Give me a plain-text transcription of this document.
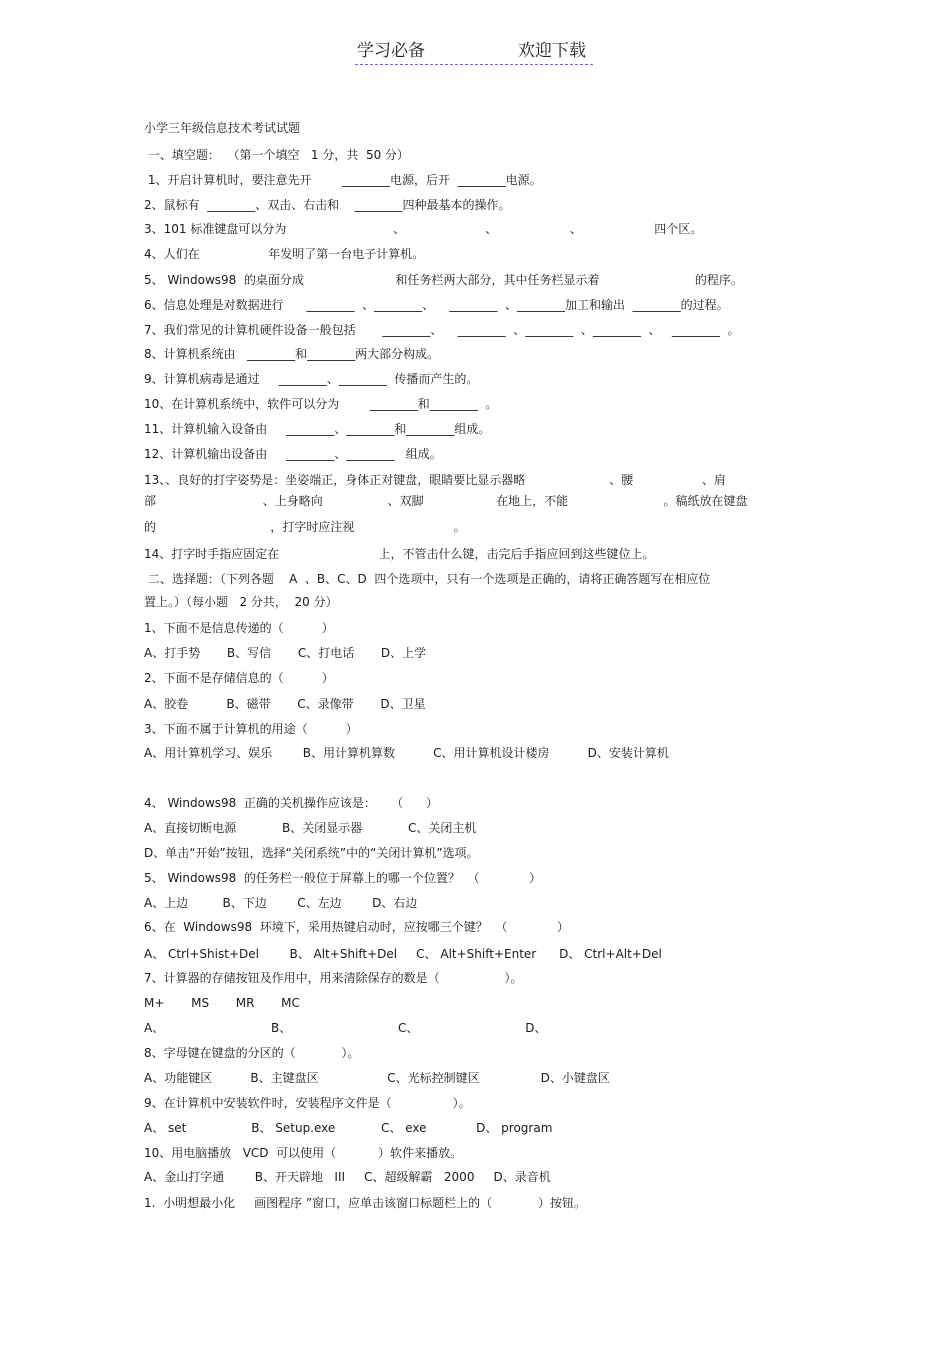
学习必备	欢迎下载
小学三年级信息技术考试试题
一、填空题：  （第一个填空   1 分，共  50 分）
1、开启计算机时，要注意先开        ________电源，后开  ________电源。
2、鼠标有  ________、双击、右击和    ________四种最基本的操作。
3、101 标准键盘可以分为                            、                     、                   、                   四个区。
4、人们在                  年发明了第一台电子计算机。
5、 Windows98  的桌面分成                        和任务栏两大部分，其中任务栏显示着                         的程序。
6、信息处理是对数据进行      ________  、________、    ________  、________加工和输出  ________的过程。
7、我们常见的计算机硬件设备一般包括       ________、    ________  、________  、________  、   ________  。
8、计算机系统由   ________和________两大部分构成。
9、计算机病毒是通过     ________、________  传播而产生的。
10、在计算机系统中，软件可以分为        ________和________  。
11、计算机输入设备由     ________、________和________组成。
12、计算机输出设备由     ________、________   组成。
13、、良好的打字姿势是：坐姿端正，身体正对键盘，眼睛要比显示器略                      、腰                  、肩
部                            、上身略向                 、双脚                   在地上，不能                         。稿纸放在键盘
的                              ，打字时应注视                          。
14、打字时手指应固定在                          上，不管击什么键，击完后手指应回到这些键位上。
二、选择题：（下列各题    A  、B、C、D  四个选项中，只有一个选项是正确的，请将正确答题写在相应位
置上。）（每小题   2 分共，  20 分）
1、下面不是信息传递的（          ）
A、打手势       B、写信       C、打电话       D、上学
2、下面不是存储信息的（          ）
A、胶卷          B、磁带       C、录像带       D、卫星
3、下面不属于计算机的用途（          ）
A、用计算机学习、娱乐        B、用计算机算数          C、用计算机设计楼房          D、安装计算机
4、 Windows98  正确的关机操作应该是：    （      ）
A、直接切断电源            B、关闭显示器            C、关闭主机
D、单击“开始”按钮，选择“关闭系统”中的“关闭计算机”选项。
5、 Windows98  的任务栏一般位于屏幕上的哪一个位置？  （             ）
A、上边         B、下边        C、左边        D、右边
6、在  Windows98  环境下，采用热键启动时，应按哪三个键？  （             ）
A、 Ctrl+Shist+Del        B、 Alt+Shift+Del     C、 Alt+Shift+Enter      D、 Ctrl+Alt+Del
7、计算器的存储按钮及作用中，用来清除保存的数是（                 ）。
M+       MS       MR       MC
A、                            B、                            C、                            D、
8、字母键在键盘的分区的（            ）。
A、功能键区          B、主键盘区                  C、光标控制键区                D、小键盘区
9、在计算机中安装软件时，安装程序文件是（                ）。
A、 set                 B、 Setup.exe            C、 exe             D、 program
10、用电脑播放   VCD  可以使用（           ）软件来播放。
A、金山打字通        B、开天辟地   III     C、超级解霸   2000     D、录音机
1.  小明想最小化     画图程序 ”窗口，应单击该窗口标题栏上的（            ）按钮。
